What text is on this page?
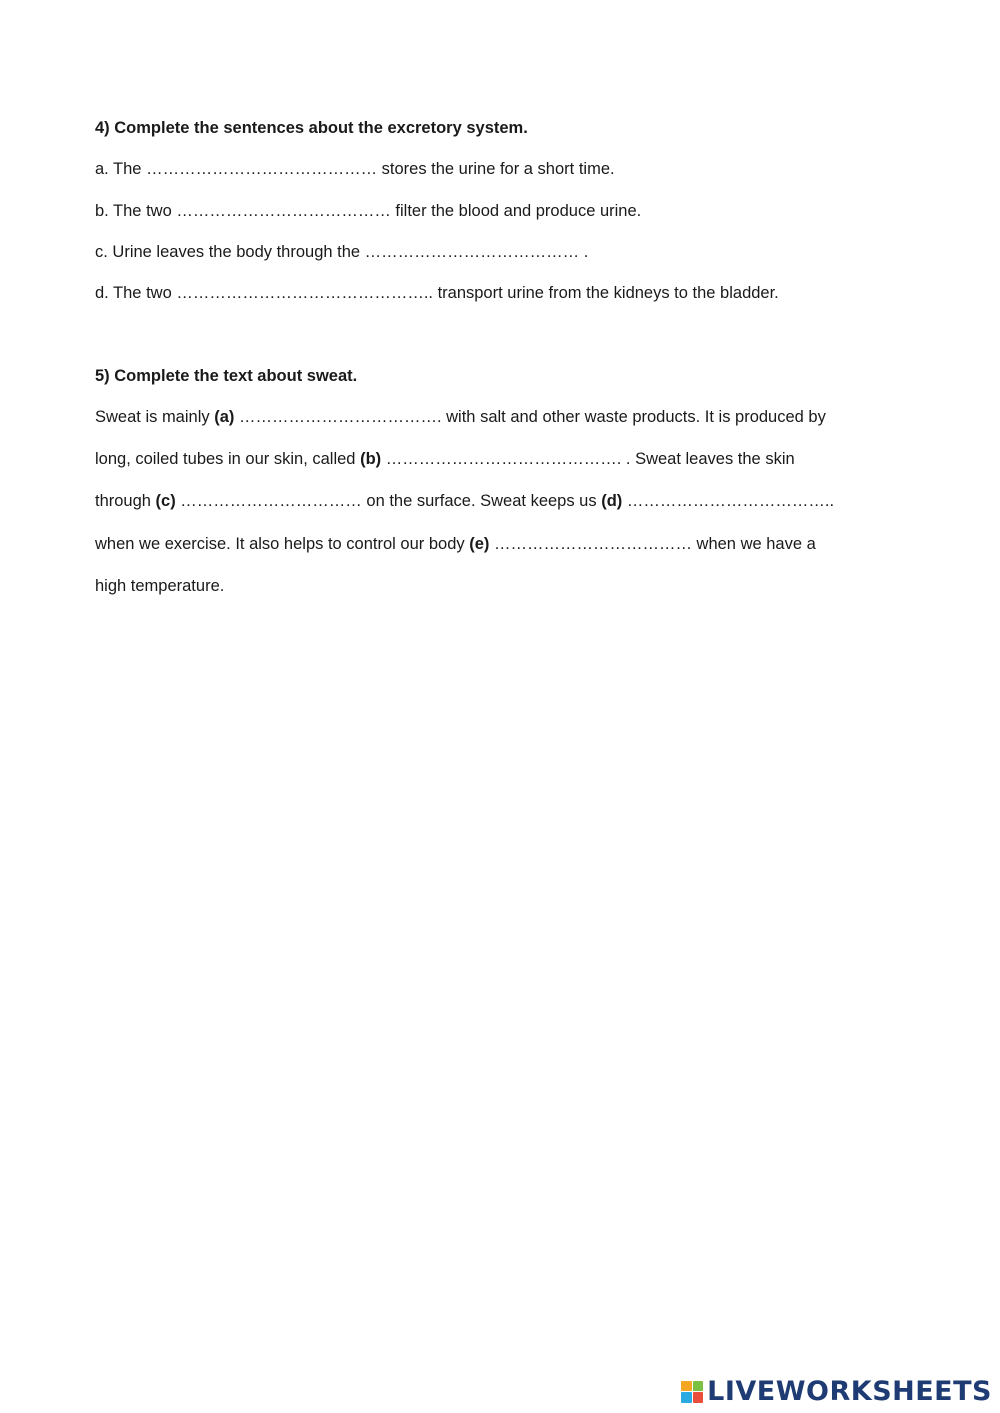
4) Complete the sentences about the excretory system.

a. The …………………………………… stores the urine for a short time.

b. The two ………………………………… filter the blood and produce urine.

c. Urine leaves the body through the ………………………………… .

d. The two ……………………………………….. transport urine from the kidneys to the bladder.

5) Complete the text about sweat.

Sweat is mainly (a) ………………………………. with salt and other waste products. It is produced by

long, coiled tubes in our skin, called (b) ……………………………………. . Sweat leaves the skin

through (c) …………………………… on the surface. Sweat keeps us (d) ………………………………..

when we exercise. It also helps to control our body (e) ……………………………… when we have a

high temperature.

LIVEWORKSHEETS
